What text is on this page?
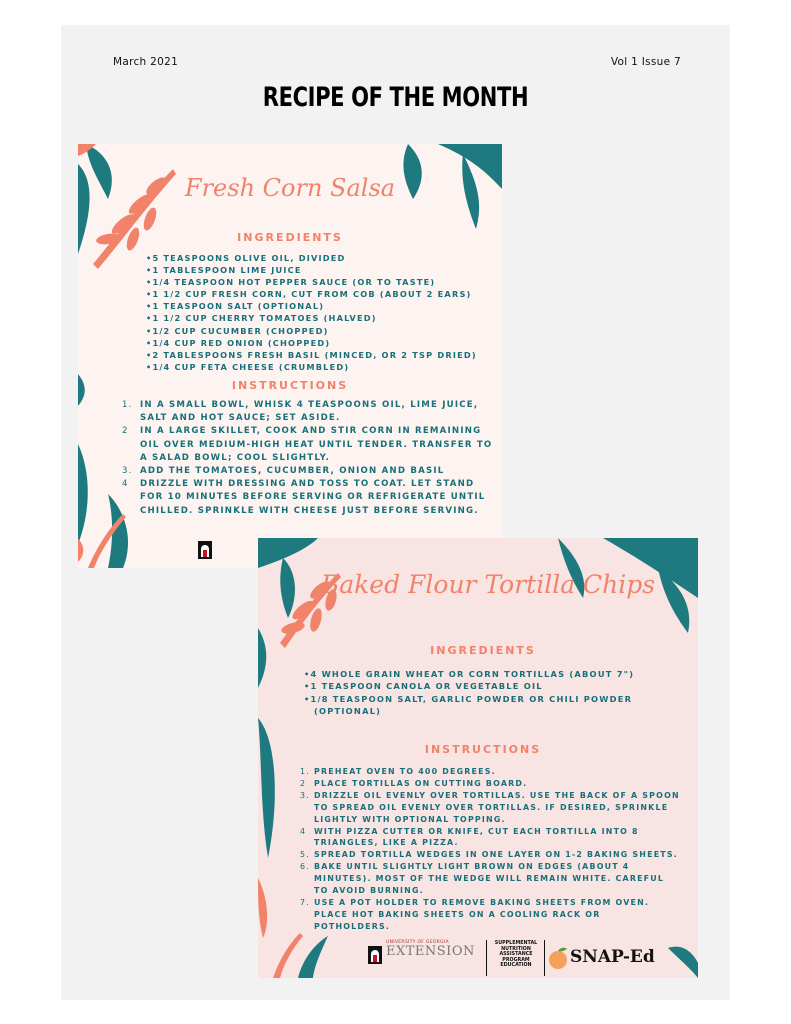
March 2021	Vol 1 Issue 7
RECIPE OF THE MONTH
Fresh Corn Salsa
INGREDIENTS
• 5 TEASPOONS OLIVE OIL, DIVIDED
• 1 TABLESPOON LIME JUICE
• 1/4 TEASPOON HOT PEPPER SAUCE (OR TO TASTE)
• 1 1/2 CUP FRESH CORN, CUT FROM COB (ABOUT 2 EARS)
• 1 TEASPOON SALT (OPTIONAL)
• 1 1/2 CUP CHERRY TOMATOES (HALVED)
• 1/2 CUP CUCUMBER (CHOPPED)
• 1/4 CUP RED ONION (CHOPPED)
• 2 TABLESPOONS FRESH BASIL (MINCED, OR 2 TSP DRIED)
• 1/4 CUP FETA CHEESE (CRUMBLED)
INSTRUCTIONS
1. IN A SMALL BOWL, WHISK 4 TEASPOONS OIL, LIME JUICE, SALT AND HOT SAUCE; SET ASIDE.
2 IN A LARGE SKILLET, COOK AND STIR CORN IN REMAINING OIL OVER MEDIUM-HIGH HEAT UNTIL TENDER. TRANSFER TO A SALAD BOWL; COOL SLIGHTLY.
3. ADD THE TOMATOES, CUCUMBER, ONION AND BASIL
4 DRIZZLE WITH DRESSING AND TOSS TO COAT. LET STAND FOR 10 MINUTES BEFORE SERVING OR REFRIGERATE UNTIL CHILLED. SPRINKLE WITH CHEESE JUST BEFORE SERVING.
Baked Flour Tortilla Chips
INGREDIENTS
• 4 WHOLE GRAIN WHEAT OR CORN TORTILLAS (ABOUT 7")
• 1 TEASPOON CANOLA OR VEGETABLE OIL
• 1/8 TEASPOON SALT, GARLIC POWDER OR CHILI POWDER (OPTIONAL)
INSTRUCTIONS
1. PREHEAT OVEN TO 400 DEGREES.
2 PLACE TORTILLAS ON CUTTING BOARD.
3. DRIZZLE OIL EVENLY OVER TORTILLAS. USE THE BACK OF A SPOON TO SPREAD OIL EVENLY OVER TORTILLAS. IF DESIRED, SPRINKLE LIGHTLY WITH OPTIONAL TOPPING.
4 WITH PIZZA CUTTER OR KNIFE, CUT EACH TORTILLA INTO 8 TRIANGLES, LIKE A PIZZA.
5. SPREAD TORTILLA WEDGES IN ONE LAYER ON 1-2 BAKING SHEETS.
6. BAKE UNTIL SLIGHTLY LIGHT BROWN ON EDGES (ABOUT 4 MINUTES). MOST OF THE WEDGE WILL REMAIN WHITE. CAREFUL TO AVOID BURNING.
7. USE A POT HOLDER TO REMOVE BAKING SHEETS FROM OVEN. PLACE HOT BAKING SHEETS ON A COOLING RACK OR POTHOLDERS.
UNIVERSITY OF GEORGIA
EXTENSION
SUPPLEMENTAL NUTRITION ASSISTANCE PROGRAM EDUCATION	SNAP-Ed
